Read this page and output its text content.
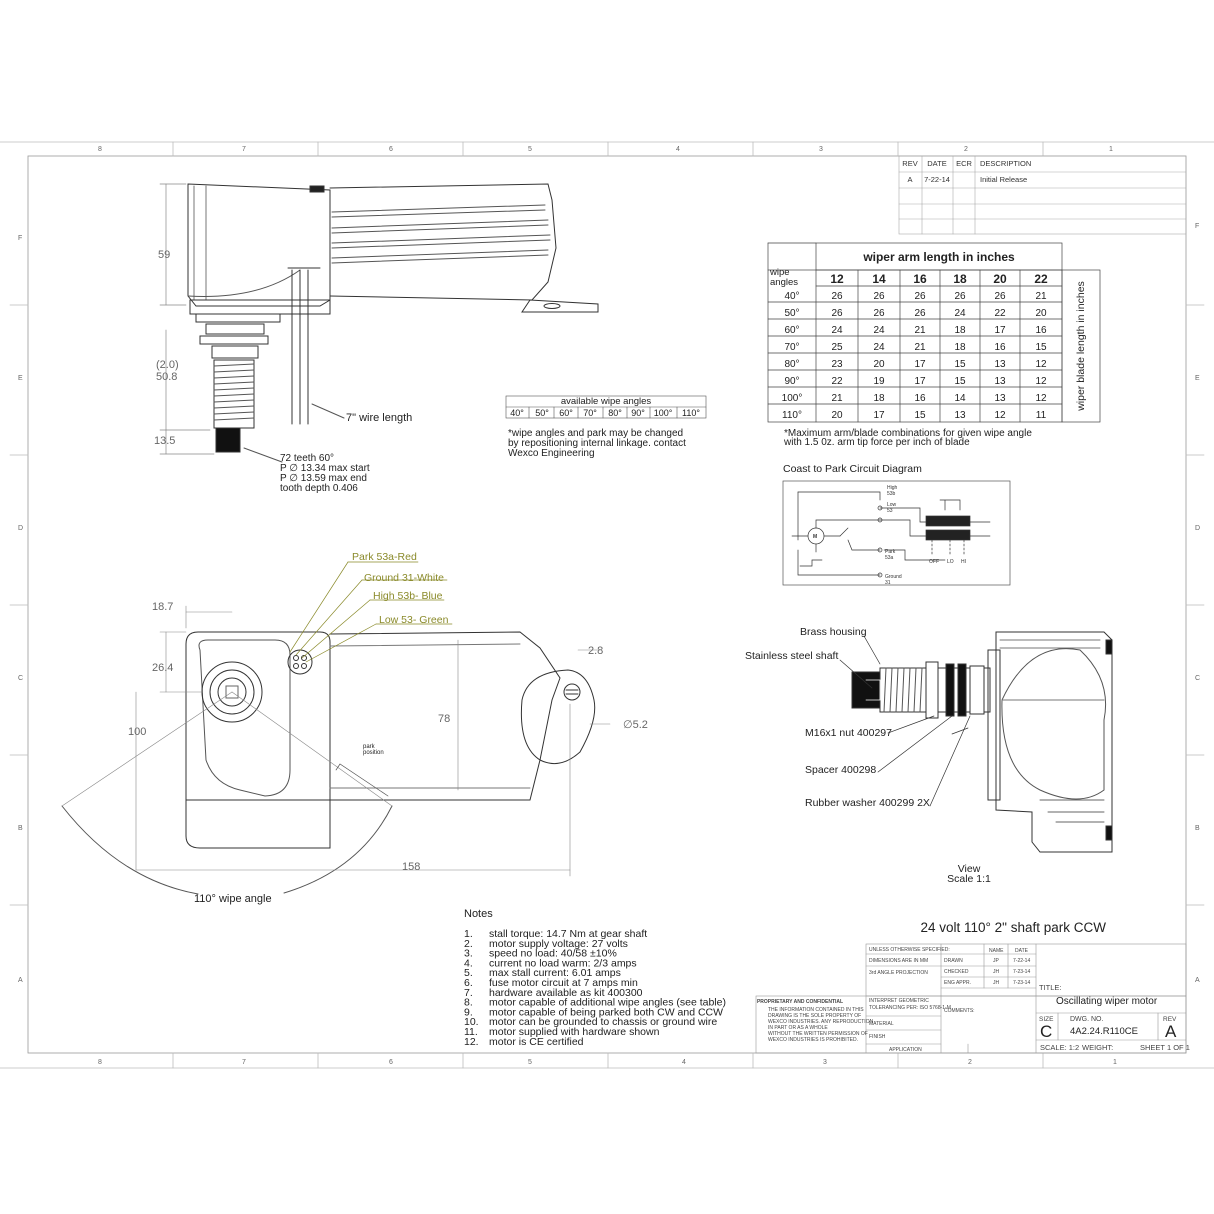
8	7	6	5	4	3	2	1
8	7	6	5	4	3	2	1
F
E
D
C
B
A
F
E
D
C
B
A
REV DATE ECR DESCRIPTION
A 7-22-14	Initial Release
59
(2.0)
50.8
13.5
7" wire length
72 teeth 60°
P ∅ 13.34 max start
P ∅ 13.59 max end
tooth depth 0.406
available wipe angles
40° 50° 60° 70° 80° 90° 100° 110°
*wipe angles and park may be changed
by repositioning internal linkage. contact
Wexco Engineering
wiper arm length in inches
wipe
angles	12 14 16 18 20 22
40°	26	26	26	26	26	21
50°	26	26	26	24	22	20
60°	24	24	21	18	17	16
70°	25	24	21	18	16	15
80°	23	20	17	15	13	12
90°	22	19	17	15	13	12
100°	21	18	16	14	13	12
110°	20	17	15	13	12	11
wiper blade length in inches
*Maximum arm/blade combinations for given wipe angle
with 1.5 0z. arm tip force per inch of blade
Coast to Park Circuit Diagram
High
53b
Low
53
Park
53a
Ground
31
OFF LO HI
M
Park 53a-Red
Ground 31-White
High 53b- Blue
Low 53- Green
18.7
26.4
100
78
2.8
∅5.2
158
park
position
110° wipe angle
Brass housing
Stainless steel shaft
M16x1 nut 400297
Spacer 400298
Rubber washer 400299 2X
View
Scale 1:1
Notes
1. stall torque: 14.7 Nm at gear shaft
2. motor supply voltage: 27 volts
3. speed no load: 40/58 ±10%
4. current no load warm: 2/3 amps
5. max stall current: 6.01 amps
6. fuse motor circuit at 7 amps min
7. hardware available as kit 400300
8. motor capable of additional wipe angles (see table)
9. motor capable of being parked both CW and CCW
10. motor can be grounded to chassis or ground wire
11. motor supplied with hardware shown
12. motor is CE certified
24 volt 110° 2" shaft park CCW
UNLESS OTHERWISE SPECIFIED:
DIMENSIONS ARE IN MM
3rd ANGLE PROJECTION
NAME DATE
DRAWN	JP	7-22-14
CHECKED	JH	7-23-14
ENG APPR.	JH	7-23-14
COMMENTS:
INTERPRET GEOMETRIC
TOLERANCING PER: ISO 5768-1-M
MATERIAL
FINISH
APPLICATION
PROPRIETARY AND CONFIDENTIAL
THE INFORMATION CONTAINED IN THIS
DRAWING IS THE SOLE PROPERTY OF
WEXCO INDUSTRIES. ANY REPRODUCTION
IN PART OR AS A WHOLE
WITHOUT THE WRITTEN PERMISSION OF
WEXCO INDUSTRIES IS PROHIBITED.
TITLE:
Oscillating wiper motor
SIZE
C
DWG. NO.
4A2.24.R110CE
REV
A
SCALE: 1:2 WEIGHT:	SHEET 1 OF 1
